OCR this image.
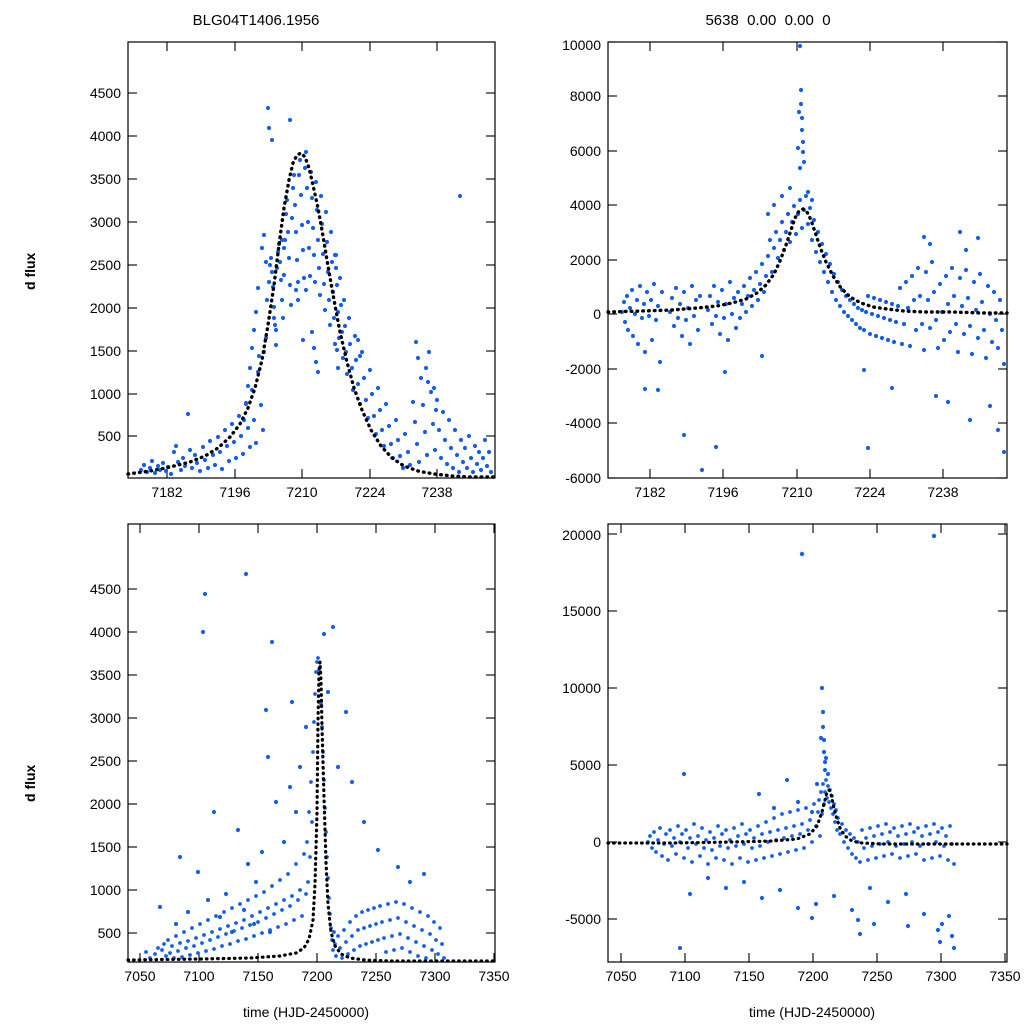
BLG04T1406.1956
d flux
500
1000
1500
2000
2500
3000
3500
4000
4500
7182	7196	7210	7224	7238
5638  0.00  0.00  0
-6000
-4000
-2000
0
2000
4000
6000
8000
10000
7182	7196	7210	7224	7238
d flux
time (HJD-2450000)
500
1000
1500
2000
2500
3000
3500
4000
4500
7050 7100 7150 7200 7250 7300 7350
time (HJD-2450000)
-5000
0
5000
10000
15000
20000
7050 7100 7150 7200 7250 7300 7350
